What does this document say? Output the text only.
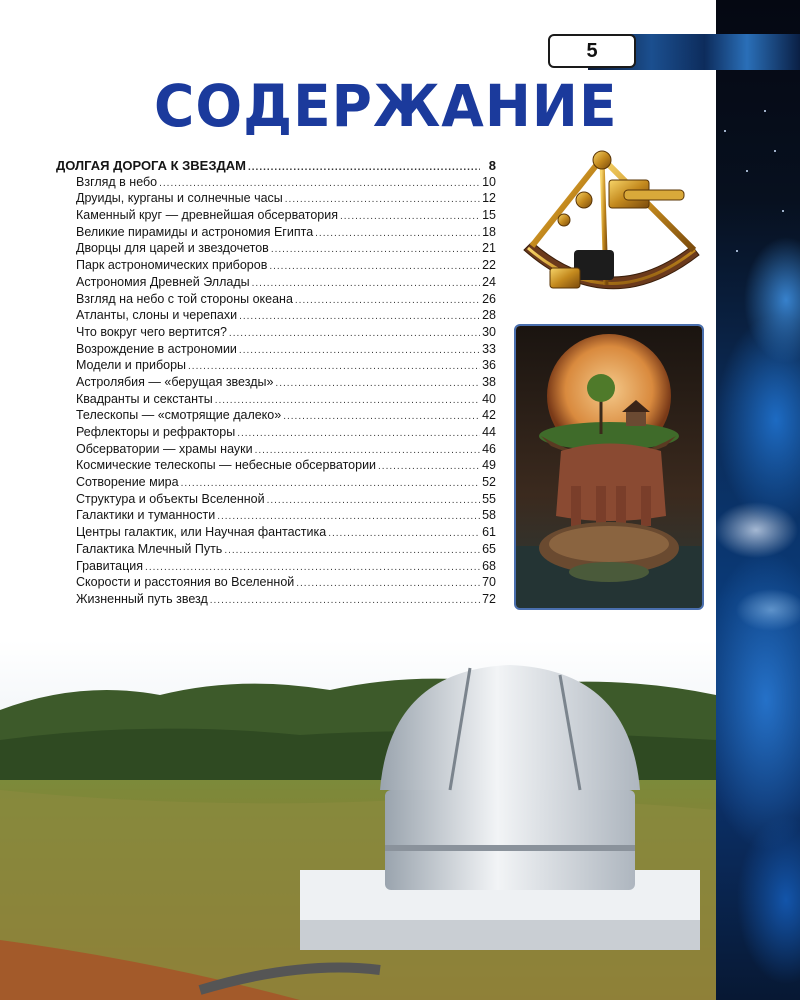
5
СОДЕРЖАНИЕ
ДОЛГАЯ ДОРОГА К ЗВЕЗДАМ .....	8
Взгляд в небо .....	10
Друиды, курганы и солнечные часы .....	12
Каменный круг — древнейшая обсерватория .....	15
Великие пирамиды и астрономия Египта .....	18
Дворцы для царей и звездочетов .....	21
Парк астрономических приборов .....	22
Астрономия Древней Эллады .....	24
Взгляд на небо с той стороны океана .....	26
Атланты, слоны и черепахи .....	28
Что вокруг чего вертится? .....	30
Возрождение в астрономии .....	33
Модели и приборы .....	36
Астролябия — «берущая звезды» .....	38
Квадранты и секстанты .....	40
Телескопы — «смотрящие далеко» .....	42
Рефлекторы и рефракторы .....	44
Обсерватории — храмы науки .....	46
Космические телескопы — небесные обсерватории .....	49
Сотворение мира .....	52
Структура и объекты Вселенной .....	55
Галактики и туманности .....	58
Центры галактик, или Научная фантастика .....	61
Галактика Млечный Путь .....	65
Гравитация .....	68
Скорости и расстояния во Вселенной .....	70
Жизненный путь звезд .....	72
